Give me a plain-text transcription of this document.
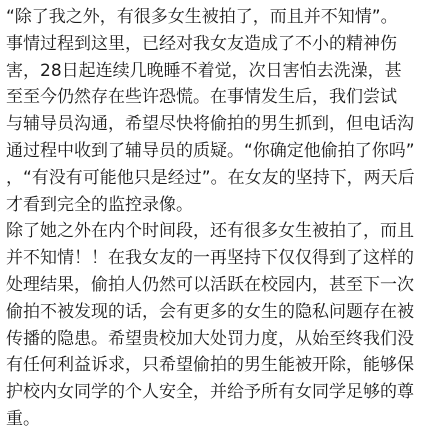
“除了我之外，有很多女生被拍了，而且并不知情”。
事情过程到这里，已经对我女友造成了不小的精神伤
害，28日起连续几晚睡不着觉，次日害怕去洗澡，甚
至至今仍然存在些许恐慌。在事情发生后，我们尝试
与辅导员沟通，希望尽快将偷拍的男生抓到，但电话沟
通过程中收到了辅导员的质疑。“你确定他偷拍了你吗”
，“有没有可能他只是经过”。在女友的坚持下，两天后
才看到完全的监控录像。
除了她之外在内个时间段，还有很多女生被拍了，而且
并不知情！！在我女友的一再坚持下仅仅得到了这样的
处理结果，偷拍人仍然可以活跃在校园内，甚至下一次
偷拍不被发现的话，会有更多的女生的隐私问题存在被
传播的隐患。希望贵校加大处罚力度，从始至终我们没
有任何利益诉求，只希望偷拍的男生能被开除，能够保
护校内女同学的个人安全，并给予所有女同学足够的尊
重。
